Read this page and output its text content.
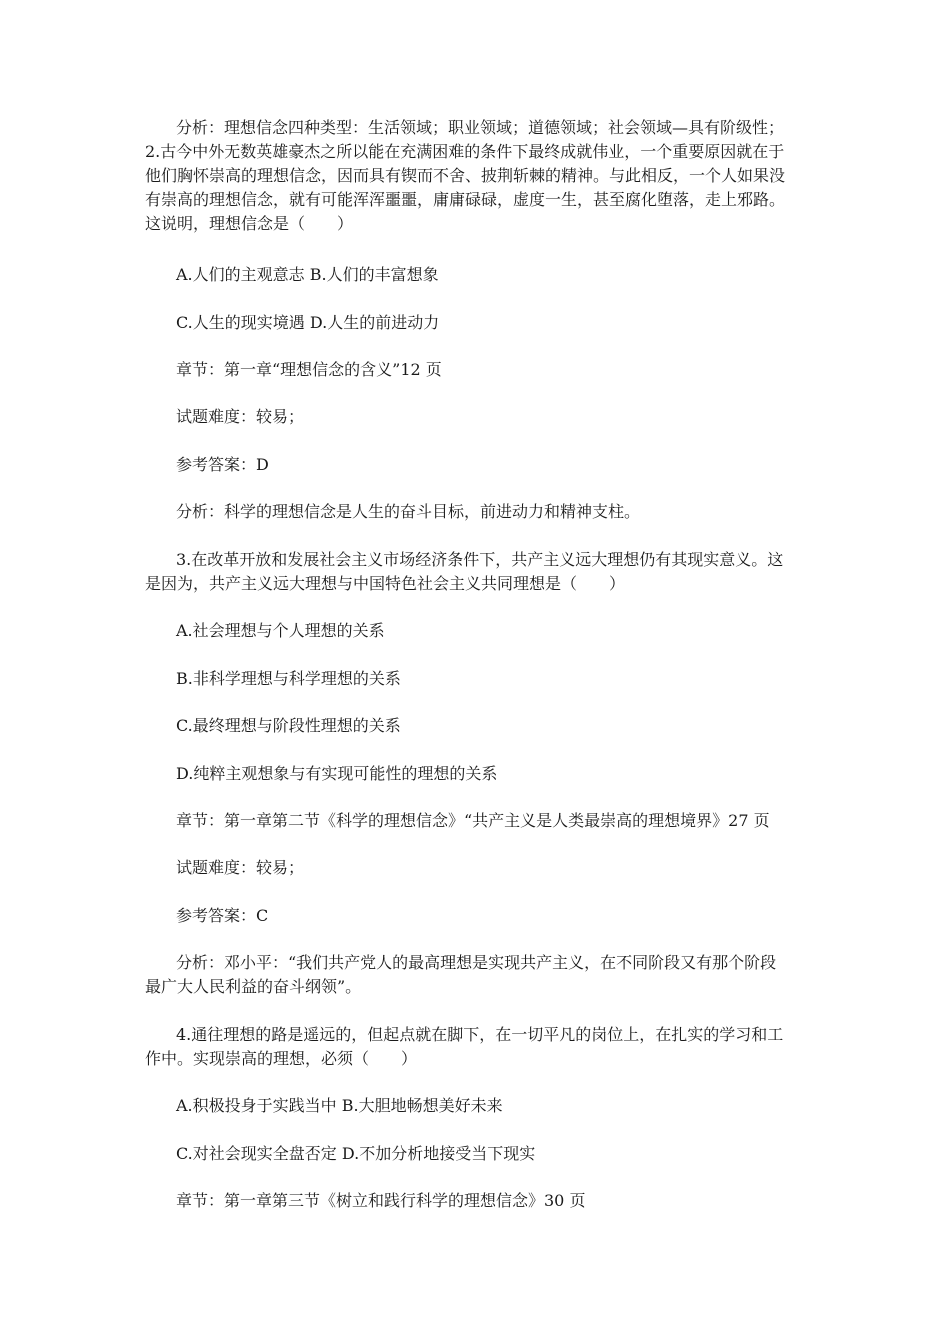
分析：理想信念四种类型：生活领域；职业领域；道德领域；社会领域—具有阶级性；
2.古今中外无数英雄豪杰之所以能在充满困难的条件下最终成就伟业，一个重要原因就在于
他们胸怀崇高的理想信念，因而具有锲而不舍、披荆斩棘的精神。与此相反，一个人如果没
有崇高的理想信念，就有可能浑浑噩噩，庸庸碌碌，虚度一生，甚至腐化堕落，走上邪路。
这说明，理想信念是（　　）
A.人们的主观意志 B.人们的丰富想象
C.人生的现实境遇 D.人生的前进动力
章节：第一章“理想信念的含义”12 页
试题难度：较易；
参考答案：D
分析：科学的理想信念是人生的奋斗目标，前进动力和精神支柱。
3.在改革开放和发展社会主义市场经济条件下，共产主义远大理想仍有其现实意义。这
是因为，共产主义远大理想与中国特色社会主义共同理想是（　　）
A.社会理想与个人理想的关系
B.非科学理想与科学理想的关系
C.最终理想与阶段性理想的关系
D.纯粹主观想象与有实现可能性的理想的关系
章节：第一章第二节《科学的理想信念》“共产主义是人类最崇高的理想境界》27 页
试题难度：较易；
参考答案：C
分析：邓小平：“我们共产党人的最高理想是实现共产主义，在不同阶段又有那个阶段
最广大人民利益的奋斗纲领”。
4.通往理想的路是遥远的，但起点就在脚下，在一切平凡的岗位上，在扎实的学习和工
作中。实现崇高的理想，必须（　　）
A.积极投身于实践当中 B.大胆地畅想美好未来
C.对社会现实全盘否定 D.不加分析地接受当下现实
章节：第一章第三节《树立和践行科学的理想信念》30 页
